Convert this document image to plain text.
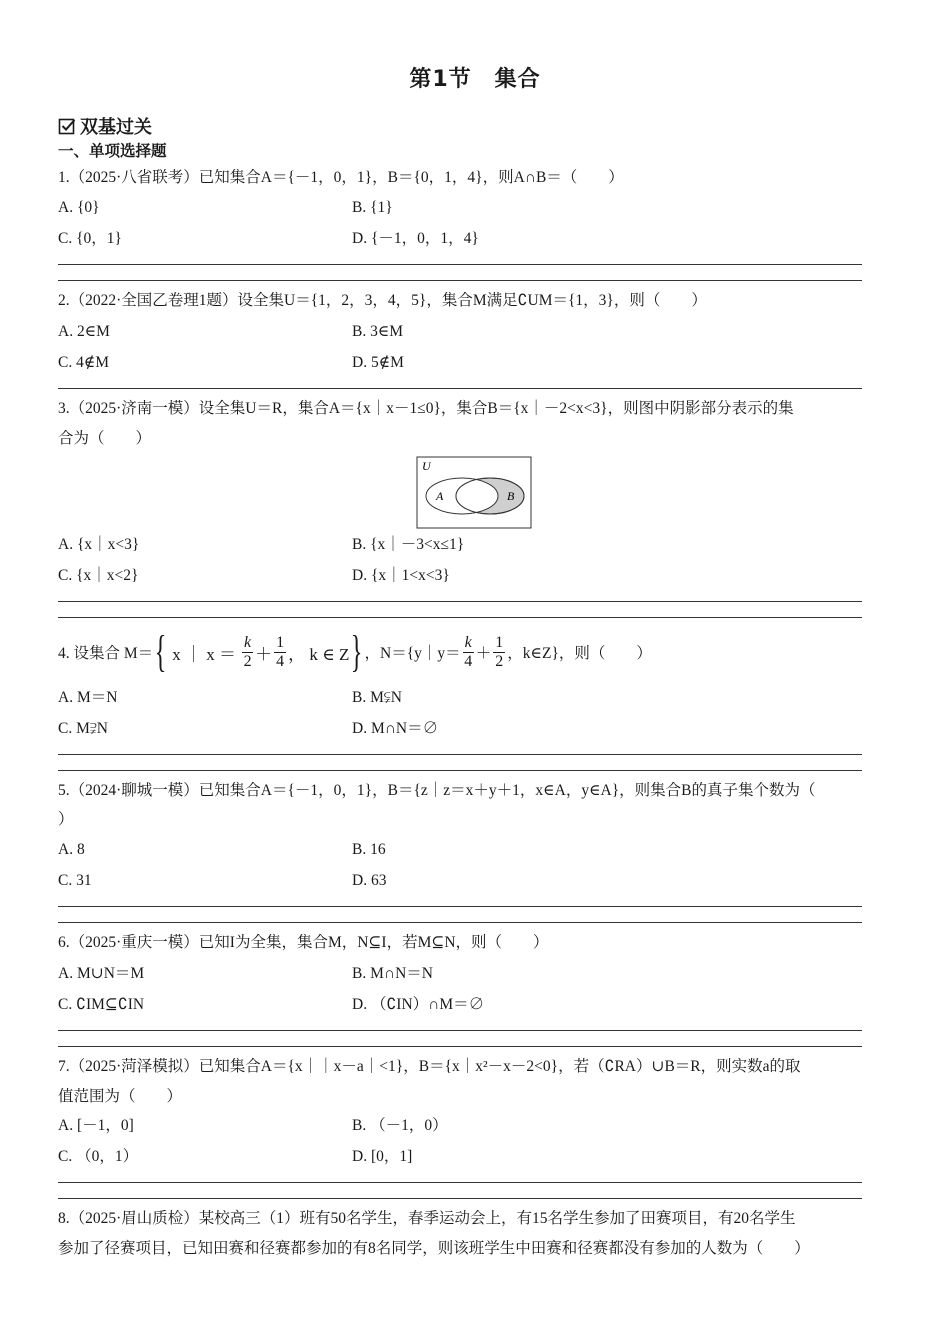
第1节　集合
双基过关
一、单项选择题
1.（2025·八省联考）已知集合A＝{－1，0，1}，B＝{0，1，4}，则A∩B＝（　　）
A. {0}	B. {1}
C. {0，1}	D. {－1，0，1，4}
2.（2022·全国乙卷理1题）设全集U＝{1，2，3，4，5}，集合M满足∁UM＝{1，3}，则（　　）
A. 2∈M	B. 3∈M
C. 4∉M	D. 5∉M
3.（2025·济南一模）设全集U＝R，集合A＝{x｜x－1≤0}，集合B＝{x｜－2<x<3}，则图中阴影部分表示的集
合为（　　）
U
A	B
A. {x｜x<3}	B. {x｜－3<x≤1}
C. {x｜x<2}	D. {x｜1<x<3}
4. 设集合 M＝ { x ｜ $x = \frac{k}{2} + \frac{1}{4}$ ， k ∈ Z } ，N＝{y｜y＝ $\frac{k}{4} + \frac{1}{2}$ ，k∈Z}，则（　　）
A. M＝N	B. M⫋N
C. M⫌N	D. M∩N＝∅
5.（2024·聊城一模）已知集合A＝{－1，0，1}，B＝{z｜z＝x＋y＋1，x∈A，y∈A}，则集合B的真子集个数为（
）
A. 8	B. 16
C. 31	D. 63
6.（2025·重庆一模）已知I为全集，集合M，N⊆I，若M⊆N，则（　　）
A. M∪N＝M	B. M∩N＝N
C. ∁IM⊆∁IN	D. （∁IN）∩M＝∅
7.（2025·菏泽模拟）已知集合A＝{x｜｜x－a｜<1}，B＝{x｜x²－x－2<0}，若（∁RA）∪B＝R，则实数a的取
值范围为（　　）
A. [－1，0]	B. （－1，0）
C. （0，1）	D. [0，1]
8.（2025·眉山质检）某校高三（1）班有50名学生，春季运动会上，有15名学生参加了田赛项目，有20名学生
参加了径赛项目，已知田赛和径赛都参加的有8名同学，则该班学生中田赛和径赛都没有参加的人数为（　　）
